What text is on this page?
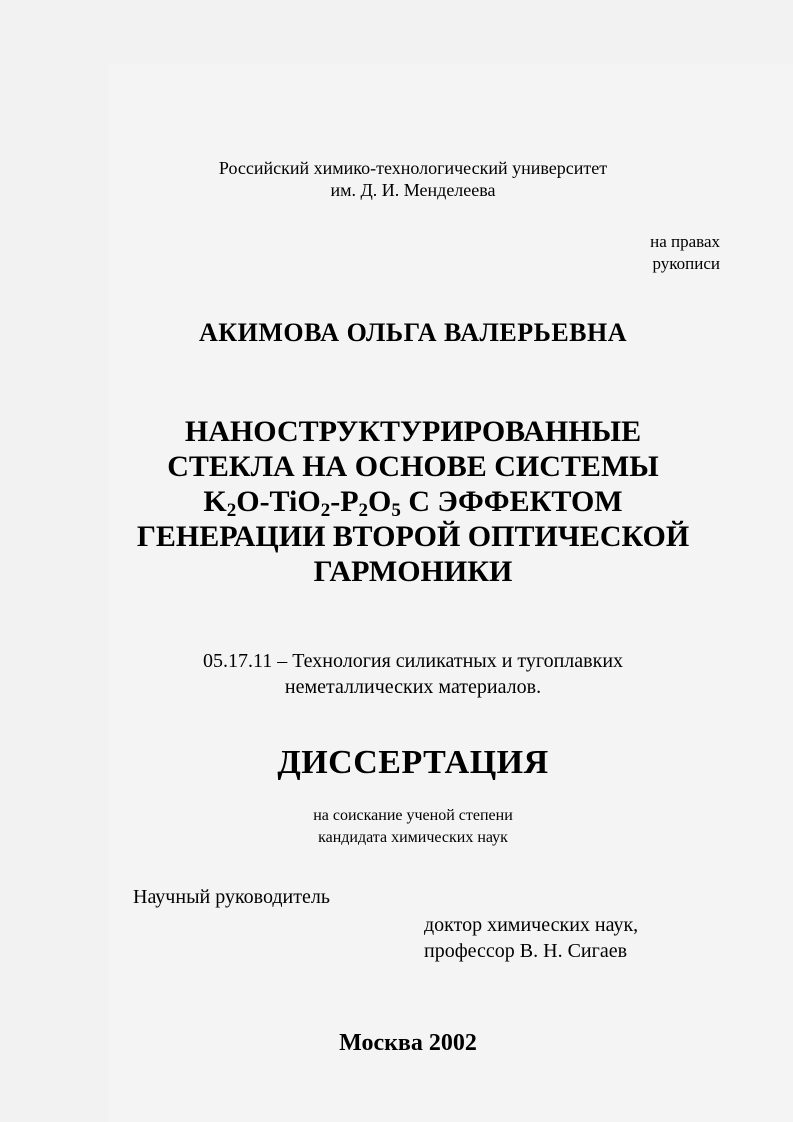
Российский химико-технологический университет
им. Д. И. Менделеева
на правах
рукописи
АКИМОВА ОЛЬГА ВАЛЕРЬЕВНА
НАНОСТРУКТУРИРОВАННЫЕ
СТЕКЛА НА ОСНОВЕ СИСТЕМЫ
$K_2O-TiO_2-P_2O_5$ С ЭФФЕКТОМ
ГЕНЕРАЦИИ ВТОРОЙ ОПТИЧЕСКОЙ
ГАРМОНИКИ
05.17.11 – Технология силикатных и тугоплавких
неметаллических материалов.
ДИССЕРТАЦИЯ
на соискание ученой степени
кандидата химических наук
Научный руководитель
доктор химических наук,
профессор В. Н. Сигаев
Москва 2002
